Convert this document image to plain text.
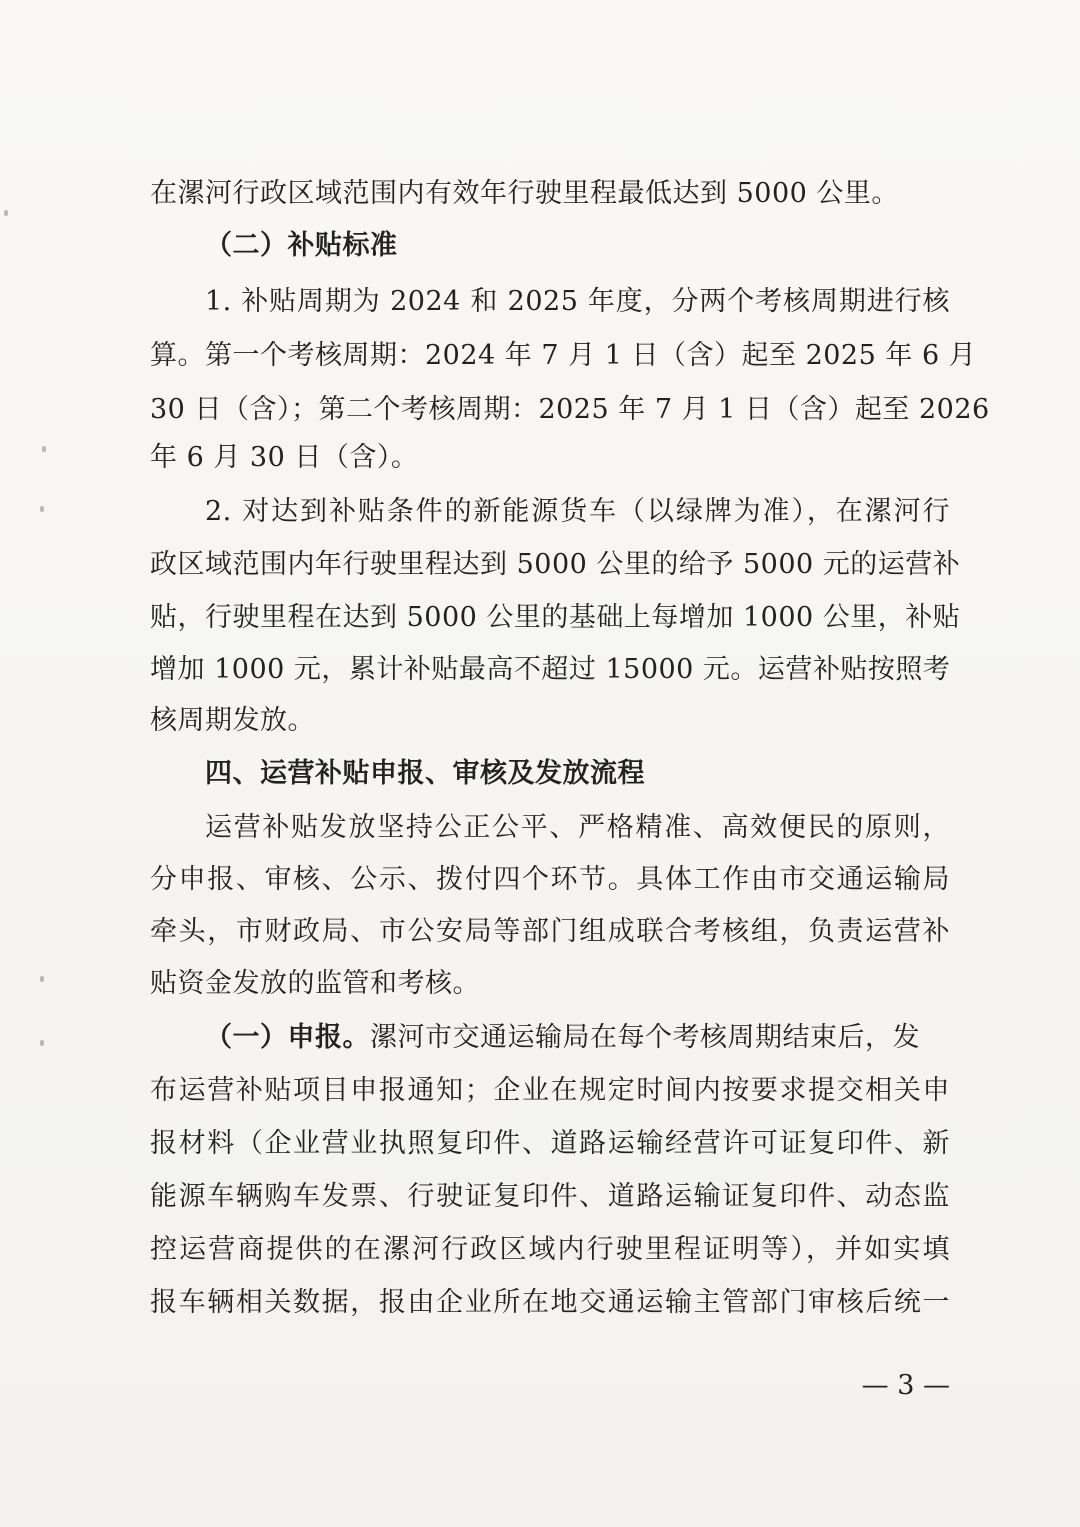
在漯河行政区域范围内有效年行驶里程最低达到 5000 公里。
（二）补贴标准
1. 补贴周期为 2024 和 2025 年度，分两个考核周期进行核
算。第一个考核周期：2024 年 7 月 1 日（含）起至 2025 年 6 月
30 日（含）；第二个考核周期：2025 年 7 月 1 日（含）起至 2026
年 6 月 30 日（含）。
2. 对达到补贴条件的新能源货车（以绿牌为准），在漯河行
政区域范围内年行驶里程达到 5000 公里的给予 5000 元的运营补
贴，行驶里程在达到 5000 公里的基础上每增加 1000 公里，补贴
增加 1000 元，累计补贴最高不超过 15000 元。运营补贴按照考
核周期发放。
四、运营补贴申报、审核及发放流程
运营补贴发放坚持公正公平、严格精准、高效便民的原则，
分申报、审核、公示、拨付四个环节。具体工作由市交通运输局
牵头，市财政局、市公安局等部门组成联合考核组，负责运营补
贴资金发放的监管和考核。
（一）申报。漯河市交通运输局在每个考核周期结束后，发
布运营补贴项目申报通知；企业在规定时间内按要求提交相关申
报材料（企业营业执照复印件、道路运输经营许可证复印件、新
能源车辆购车发票、行驶证复印件、道路运输证复印件、动态监
控运营商提供的在漯河行政区域内行驶里程证明等），并如实填
报车辆相关数据，报由企业所在地交通运输主管部门审核后统一
— 3 —
